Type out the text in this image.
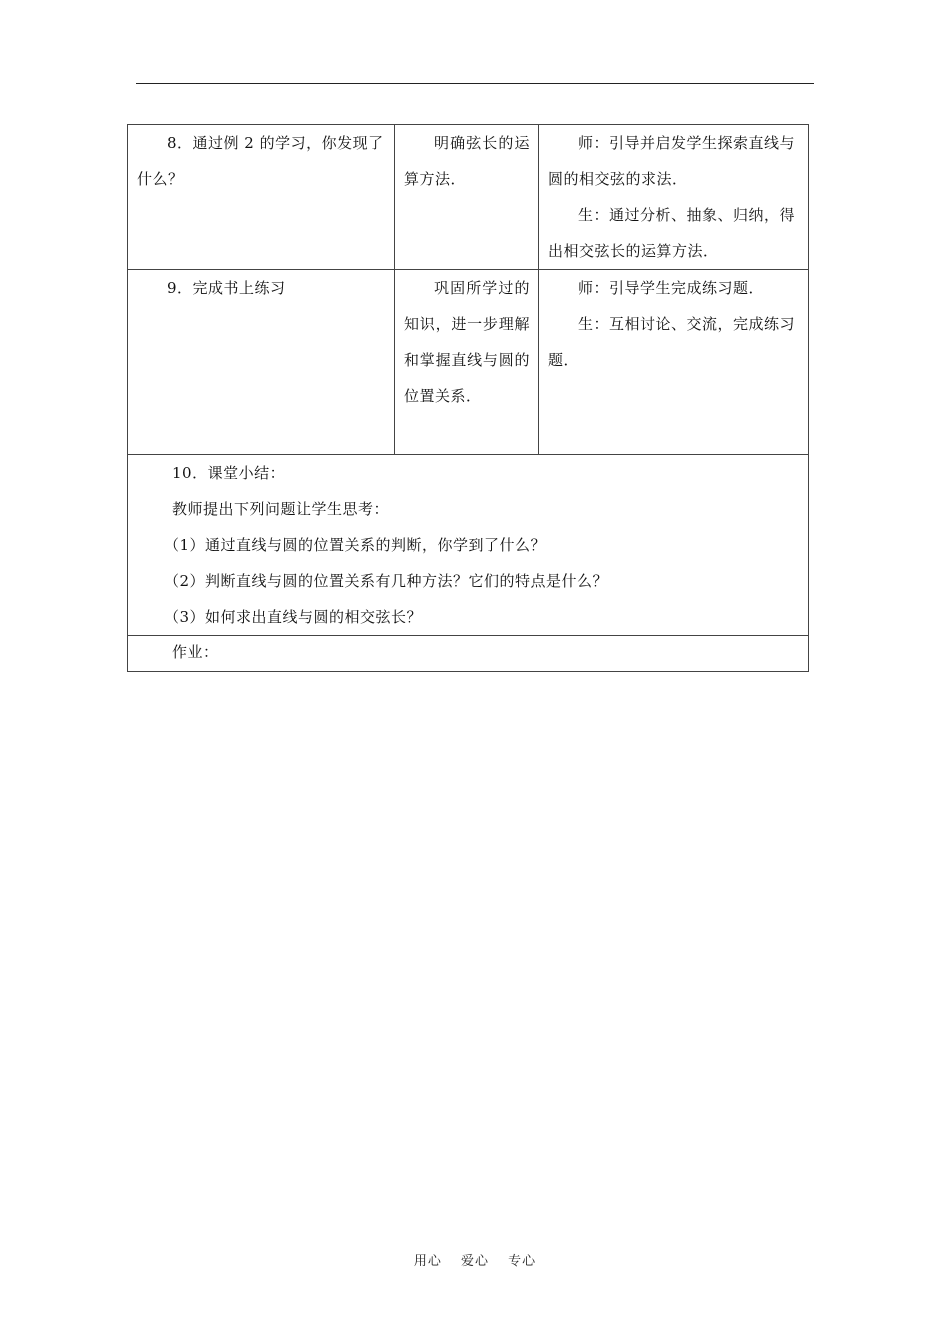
8．通过例 2 的学习，你发现了什么？	明确弦长的运算方法．	师：引导并启发学生探索直线与圆的相交弦的求法．
生：通过分析、抽象、归纳，得出相交弦长的运算方法．

9．完成书上练习	巩固所学过的知识，进一步理解和掌握直线与圆的位置关系．	师：引导学生完成练习题．
生：互相讨论、交流，完成练习题．

10．课堂小结：
教师提出下列问题让学生思考：
（1）通过直线与圆的位置关系的判断，你学到了什么？
（2）判断直线与圆的位置关系有几种方法？它们的特点是什么？
（3）如何求出直线与圆的相交弦长？		

作业：		
用心 爱心 专心
